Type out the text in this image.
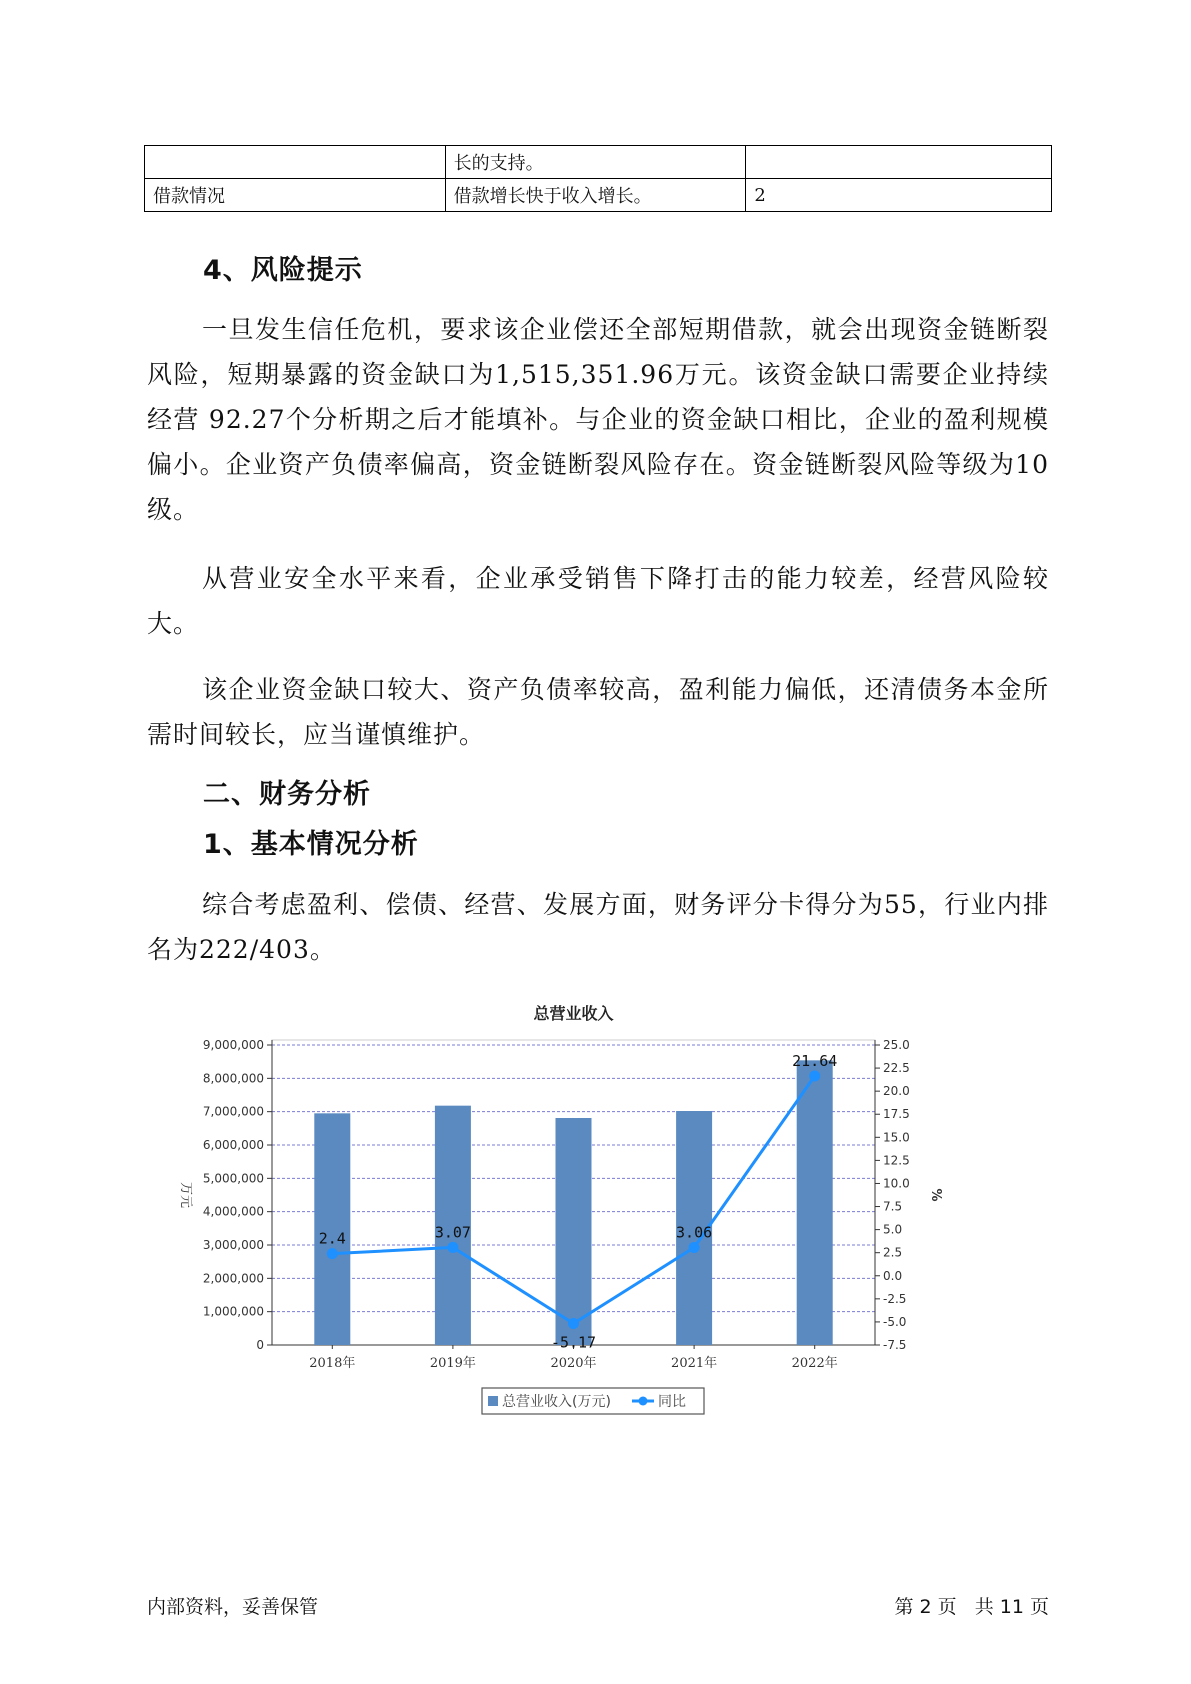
	长的支持。	
借款情况	借款增长快于收入增长。	2
4、风险提示

一旦发生信任危机，要求该企业偿还全部短期借款，就会出现资金链断裂风险，短期暴露的资金缺口为1,515,351.96万元。该资金缺口需要企业持续经营 92.27个分析期之后才能填补。与企业的资金缺口相比，企业的盈利规模偏小。企业资产负债率偏高，资金链断裂风险存在。资金链断裂风险等级为10级。

从营业安全水平来看，企业承受销售下降打击的能力较差，经营风险较大。

该企业资金缺口较大、资产负债率较高，盈利能力偏低，还清债务本金所需时间较长，应当谨慎维护。

二、财务分析
1、基本情况分析

综合考虑盈利、偿债、经营、发展方面，财务评分卡得分为55，行业内排名为222/403。

总营业收入
0
1,000,000
2,000,000
3,000,000
4,000,000
5,000,000
6,000,000
7,000,000
8,000,000
9,000,000	25.0
22.5
20.0
17.5
15.0
12.5
10.0
7.5
5.0
2.5
0.0
-2.5
-5.0
-7.5
万元	%
2018年	2019年	2020年	2021年	2022年
2.4	3.07
-5.17
3.06
21.64
总营业收入(万元)	同比
内部资料，妥善保管	第 2 页   共 11 页
